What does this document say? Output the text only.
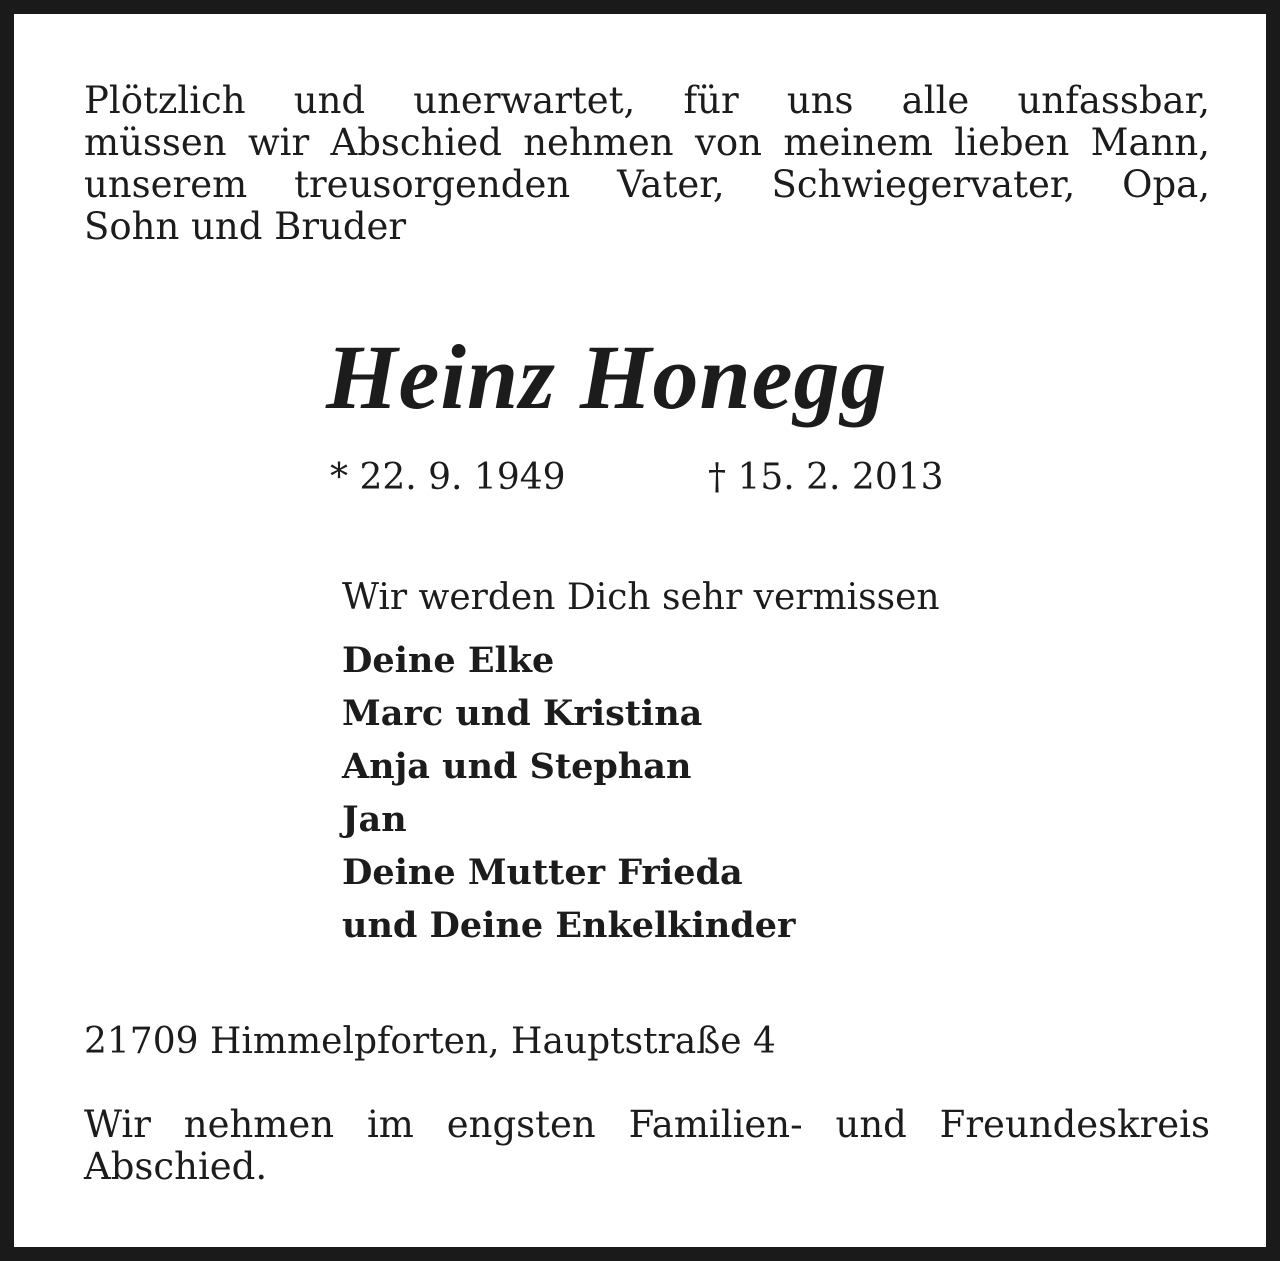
Plötzlich und unerwartet, für uns alle unfassbar,
müssen wir Abschied nehmen von meinem lieben Mann,
unserem treusorgenden Vater, Schwiegervater, Opa,
Sohn und Bruder

Heinz Honegg
* 22. 9. 1949	† 15. 2. 2013

Wir werden Dich sehr vermissen

Deine Elke
Marc und Kristina
Anja und Stephan
Jan
Deine Mutter Frieda
und Deine Enkelkinder

21709 Himmelpforten, Hauptstraße 4

Wir nehmen im engsten Familien- und Freundeskreis
Abschied.
